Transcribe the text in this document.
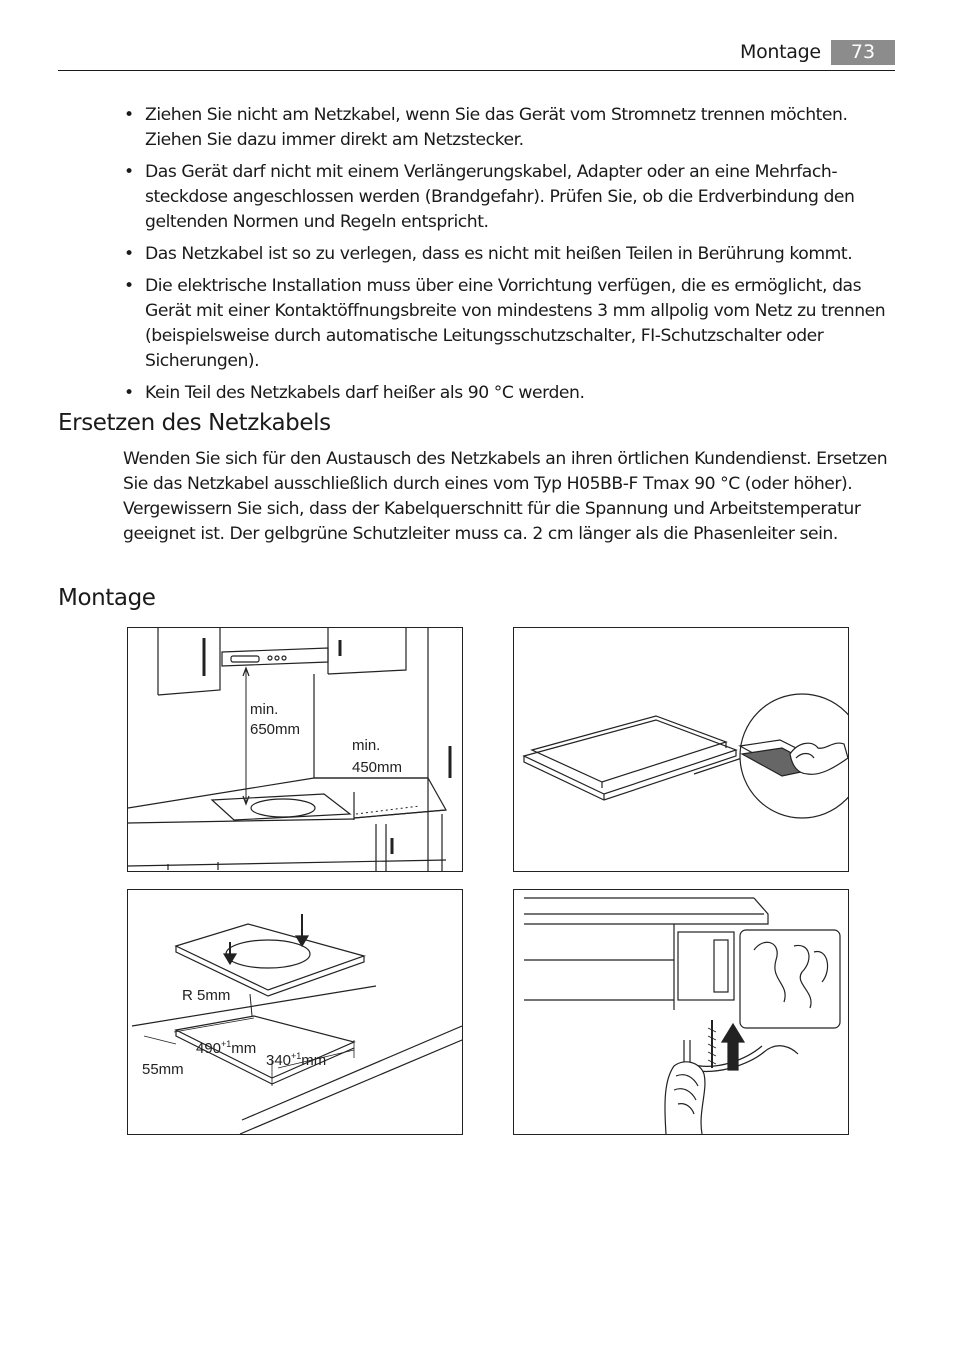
Montage	73
• Ziehen Sie nicht am Netzkabel, wenn Sie das Gerät vom Stromnetz trennen möchten. Ziehen Sie dazu immer direkt am Netzstecker.
• Das Gerät darf nicht mit einem Verlängerungskabel, Adapter oder an eine Mehrfachsteckdose angeschlossen werden (Brandgefahr). Prüfen Sie, ob die Erdverbindung den geltenden Normen und Regeln entspricht.
• Das Netzkabel ist so zu verlegen, dass es nicht mit heißen Teilen in Berührung kommt.
• Die elektrische Installation muss über eine Vorrichtung verfügen, die es ermöglicht, das Gerät mit einer Kontaktöffnungsbreite von mindestens 3 mm allpolig vom Netz zu trennen (beispielsweise durch automatische Leitungsschutzschalter, FI-Schutzschalter oder Sicherungen).
• Kein Teil des Netzkabels darf heißer als 90 °C werden.
Ersetzen des Netzkabels

Wenden Sie sich für den Austausch des Netzkabels an ihren örtlichen Kundendienst. Ersetzen Sie das Netzkabel ausschließlich durch eines vom Typ H05BB-F Tmax 90 °C (oder höher). Vergewissern Sie sich, dass der Kabelquerschnitt für die Spannung und Arbeitstemperatur geeignet ist. Der gelbgrüne Schutzleiter muss ca. 2 cm länger als die Phasenleiter sein.

Montage
min.
650mm
min.
450mm
R 5mm
$490^{+1}mm$
$340^{+1}mm$
55mm
